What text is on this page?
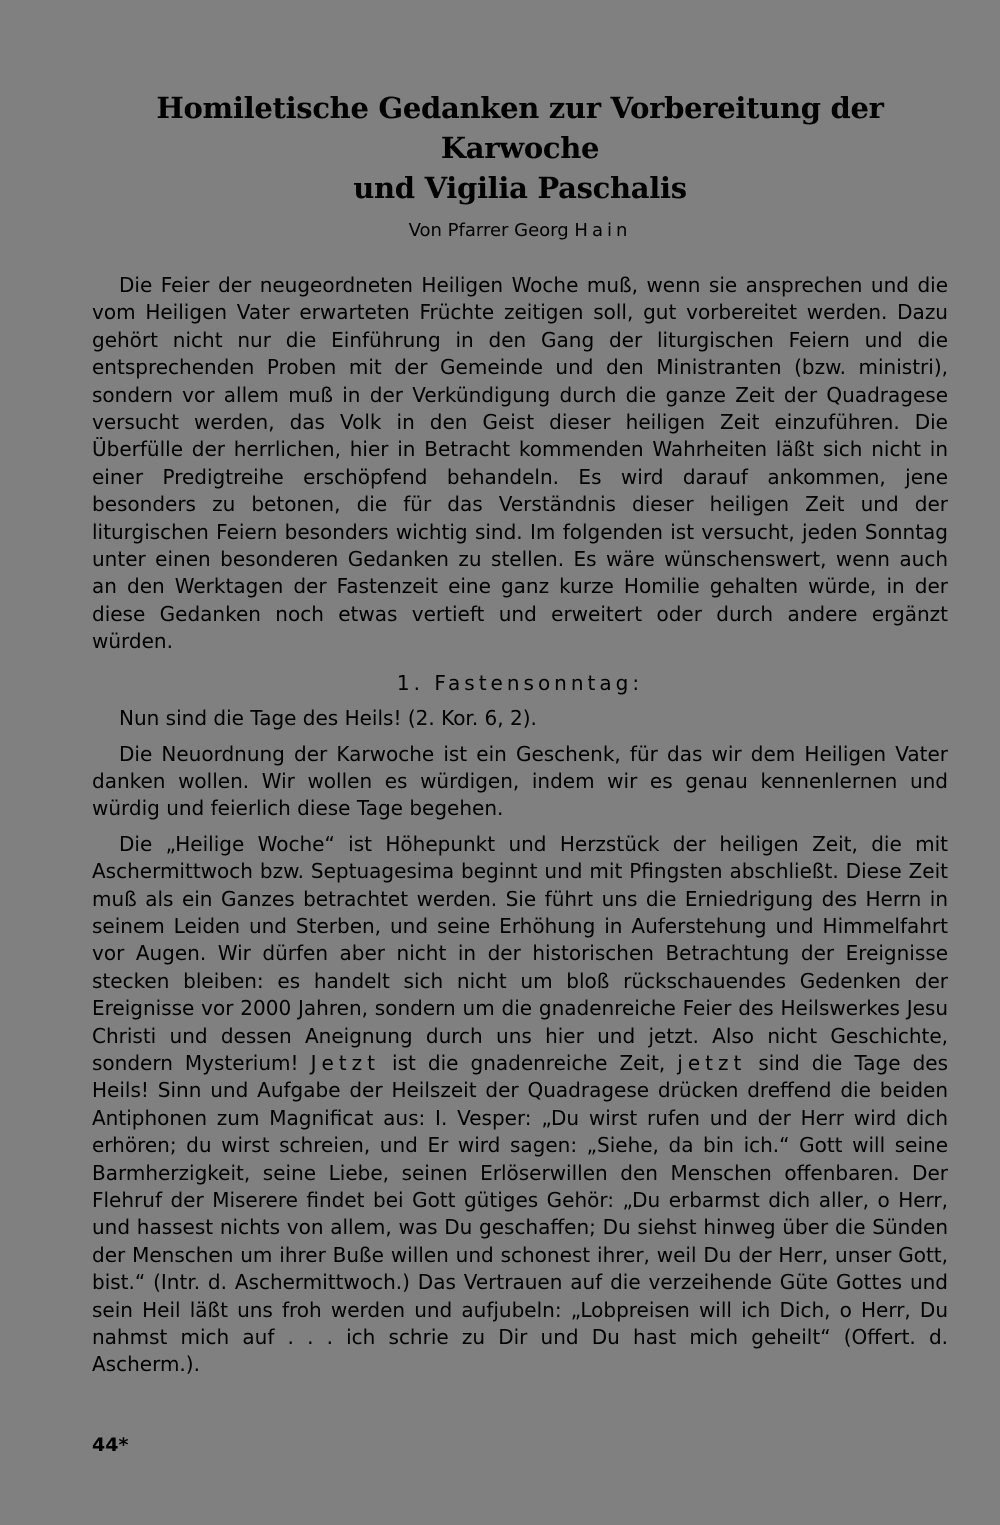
Homiletische Gedanken zur Vorbereitung der Karwoche
und Vigilia Paschalis
Von Pfarrer Georg Hain

Die Feier der neugeordneten Heiligen Woche muß, wenn sie ansprechen und die vom Heiligen Vater erwarteten Früchte zeitigen soll, gut vorbereitet werden. Dazu gehört nicht nur die Einführung in den Gang der liturgischen Feiern und die entsprechenden Proben mit der Gemeinde und den Ministranten (bzw. ministri), sondern vor allem muß in der Verkündigung durch die ganze Zeit der Quadragese versucht werden, das Volk in den Geist dieser heiligen Zeit einzuführen. Die Überfülle der herrlichen, hier in Betracht kommenden Wahrheiten läßt sich nicht in einer Predigtreihe erschöpfend behandeln. Es wird darauf ankommen, jene besonders zu betonen, die für das Verständnis dieser heiligen Zeit und der liturgischen Feiern besonders wichtig sind. Im folgenden ist versucht, jeden Sonntag unter einen besonderen Gedanken zu stellen. Es wäre wünschenswert, wenn auch an den Werktagen der Fastenzeit eine ganz kurze Homilie gehalten würde, in der diese Gedanken noch etwas vertieft und erweitert oder durch andere ergänzt würden.

1. Fastensonntag:

Nun sind die Tage des Heils! (2. Kor. 6, 2).

Die Neuordnung der Karwoche ist ein Geschenk, für das wir dem Heiligen Vater danken wollen. Wir wollen es würdigen, indem wir es genau kennenlernen und würdig und feierlich diese Tage begehen.

Die „Heilige Woche“ ist Höhepunkt und Herzstück der heiligen Zeit, die mit Aschermittwoch bzw. Septuagesima beginnt und mit Pfingsten abschließt. Diese Zeit muß als ein Ganzes betrachtet werden. Sie führt uns die Erniedrigung des Herrn in seinem Leiden und Sterben, und seine Erhöhung in Auferstehung und Himmelfahrt vor Augen. Wir dürfen aber nicht in der historischen Betrachtung der Ereignisse stecken bleiben: es handelt sich nicht um bloß rückschauendes Gedenken der Ereignisse vor 2000 Jahren, sondern um die gnadenreiche Feier des Heilswerkes Jesu Christi und dessen Aneignung durch uns hier und jetzt. Also nicht Geschichte, sondern Mysterium! Jetzt ist die gnadenreiche Zeit, jetzt sind die Tage des Heils! Sinn und Aufgabe der Heilszeit der Quadragese drücken dreffend die beiden Antiphonen zum Magnificat aus: I. Vesper: „Du wirst rufen und der Herr wird dich erhören; du wirst schreien, und Er wird sagen: „Siehe, da bin ich.“ Gott will seine Barmherzigkeit, seine Liebe, seinen Erlöserwillen den Menschen offenbaren. Der Flehruf der Miserere findet bei Gott gütiges Gehör: „Du erbarmst dich aller, o Herr, und hassest nichts von allem, was Du geschaffen; Du siehst hinweg über die Sünden der Menschen um ihrer Buße willen und schonest ihrer, weil Du der Herr, unser Gott, bist.“ (Intr. d. Aschermittwoch.) Das Vertrauen auf die verzeihende Güte Gottes und sein Heil läßt uns froh werden und aufjubeln: „Lobpreisen will ich Dich, o Herr, Du nahmst mich auf . . . ich schrie zu Dir und Du hast mich geheilt“ (Offert. d. Ascherm.).

44*
